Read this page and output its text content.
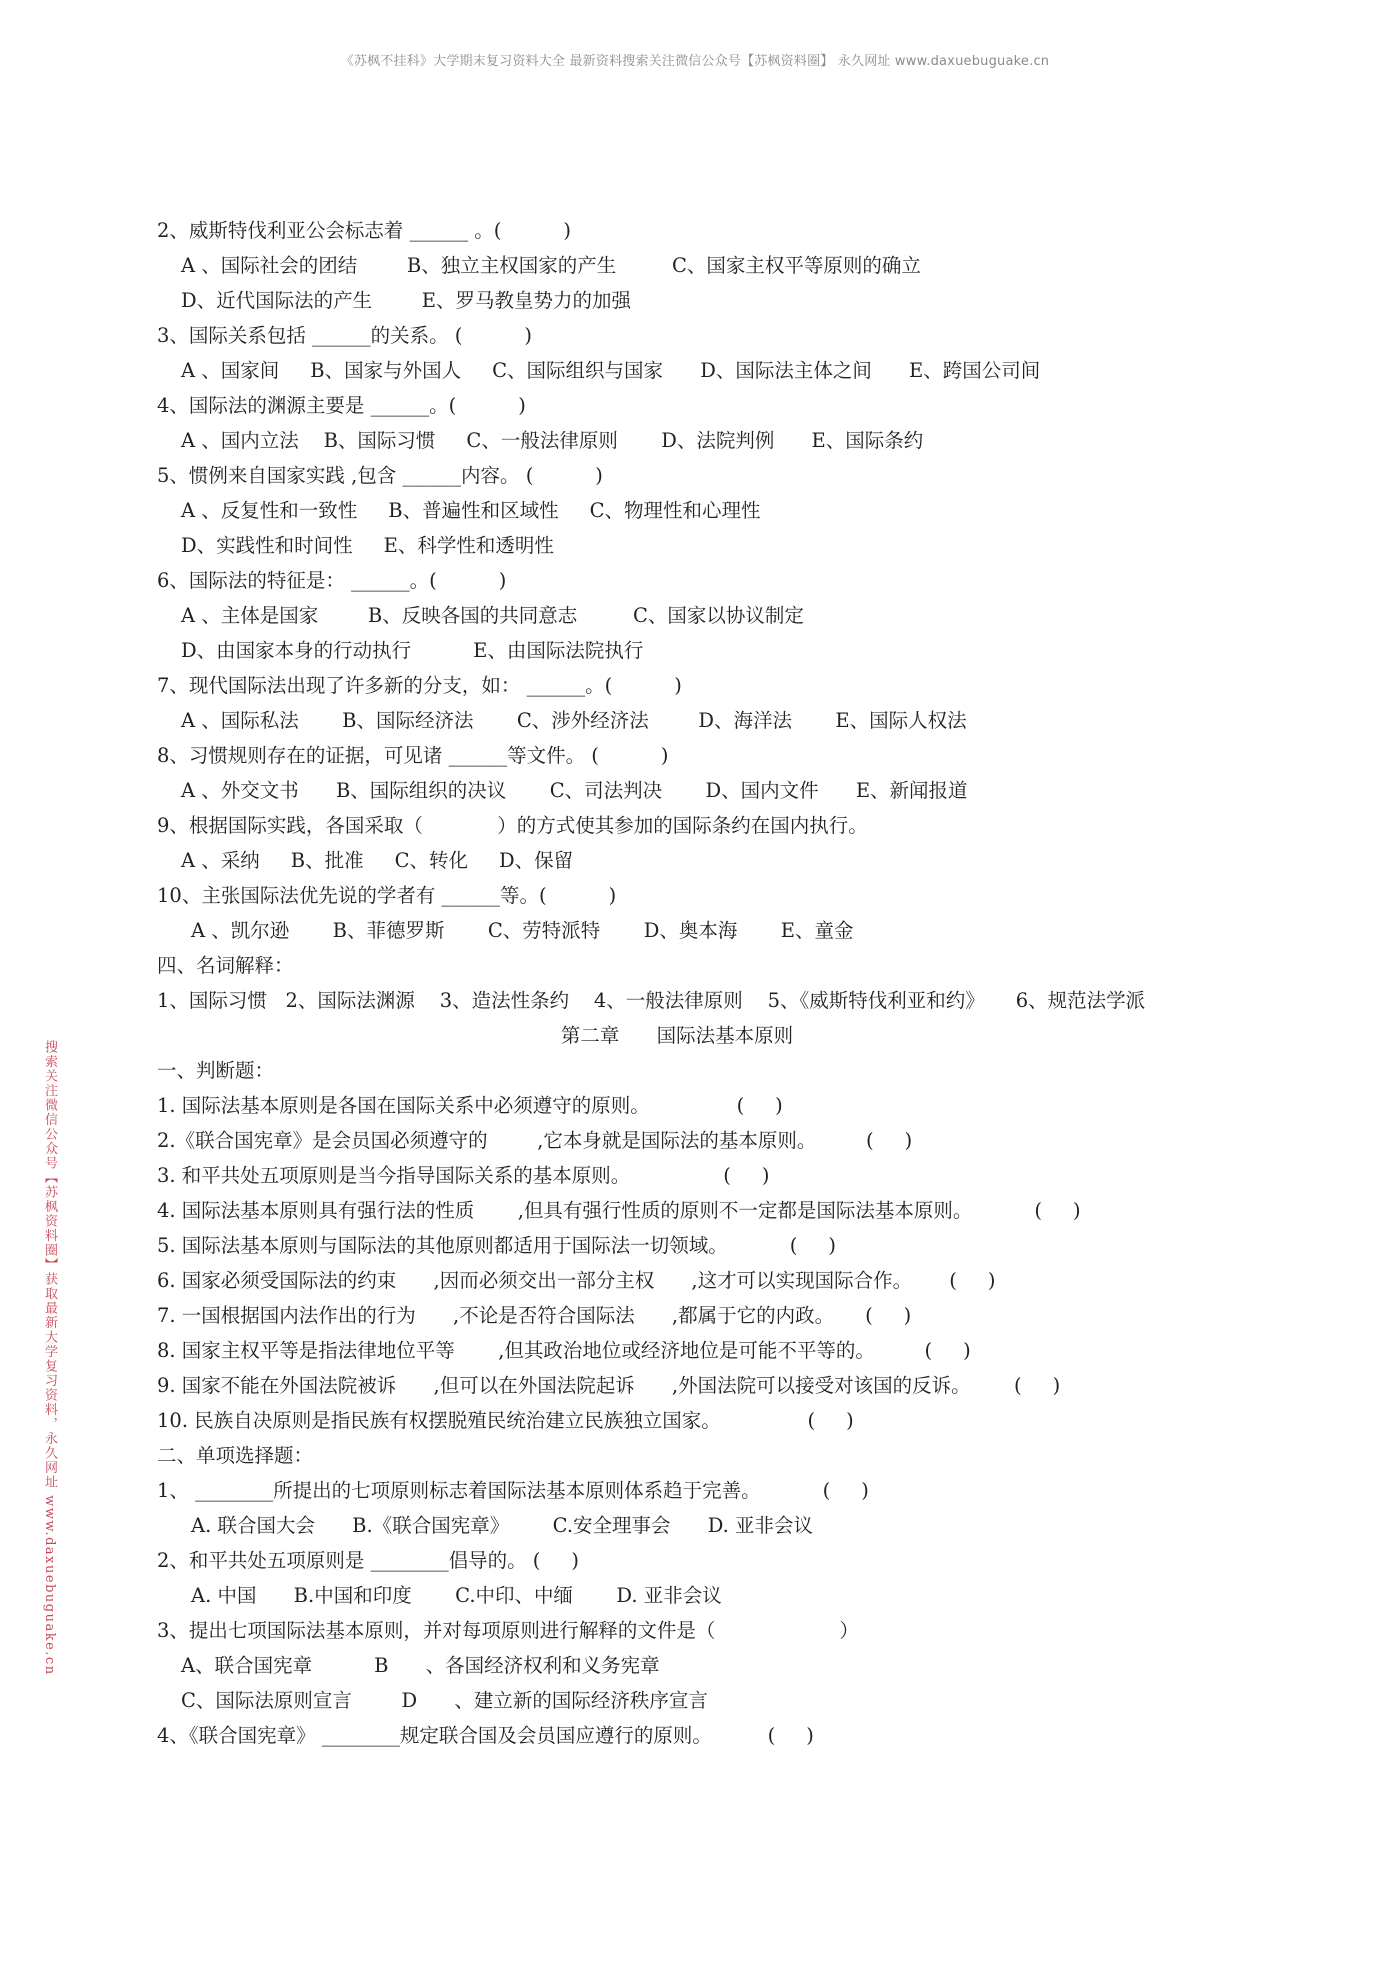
《苏枫不挂科》大学期末复习资料大全 最新资料搜索关注微信公众号【苏枫资料圈】 永久网址 www.daxuebuguake.cn
搜索关注微信公众号【苏枫资料圈】获取最新大学复习资料，永久网址 www.daxuebuguake.cn
2、威斯特伐利亚公会标志着 ______ 。(          )
A 、国际社会的团结        B、独立主权国家的产生         C、国家主权平等原则的确立
D、近代国际法的产生        E、罗马教皇势力的加强
3、国际关系包括 ______的关系。 (          )
A 、国家间     B、国家与外国人     C、国际组织与国家      D、国际法主体之间      E、跨国公司间
4、国际法的渊源主要是 ______。(          )
A 、国内立法    B、国际习惯     C、一般法律原则       D、法院判例      E、国际条约
5、惯例来自国家实践 ,包含 ______内容。 (          )
A 、反复性和一致性     B、普遍性和区域性     C、物理性和心理性
D、实践性和时间性     E、科学性和透明性
6、国际法的特征是： ______。(          )
A 、主体是国家        B、反映各国的共同意志         C、国家以协议制定
D、由国家本身的行动执行          E、由国际法院执行
7、现代国际法出现了许多新的分支，如： ______。(          )
A 、国际私法       B、国际经济法       C、涉外经济法        D、海洋法       E、国际人权法
8、习惯规则存在的证据，可见诸 ______等文件。 (          )
A 、外交文书      B、国际组织的决议       C、司法判决       D、国内文件      E、新闻报道
9、根据国际实践，各国采取（            ）的方式使其参加的国际条约在国内执行。
A 、采纳     B、批准     C、转化     D、保留
10、主张国际法优先说的学者有 ______等。(          )
A 、凯尔逊       B、菲德罗斯       C、劳特派特       D、奥本海       E、童金
四、名词解释：
1、国际习惯   2、国际法渊源    3、造法性条约    4、一般法律原则    5、《威斯特伐利亚和约》     6、规范法学派
第二章      国际法基本原则
一、判断题：
1. 国际法基本原则是各国在国际关系中必须遵守的原则。              (     )
2.《联合国宪章》是会员国必须遵守的        ,它本身就是国际法的基本原则。        (     )
3. 和平共处五项原则是当今指导国际关系的基本原则。               (     )
4. 国际法基本原则具有强行法的性质       ,但具有强行性质的原则不一定都是国际法基本原则。          (     )
5. 国际法基本原则与国际法的其他原则都适用于国际法一切领域。          (     )
6. 国家必须受国际法的约束      ,因而必须交出一部分主权      ,这才可以实现国际合作。      (     )
7. 一国根据国内法作出的行为      ,不论是否符合国际法      ,都属于它的内政。     (     )
8. 国家主权平等是指法律地位平等       ,但其政治地位或经济地位是可能不平等的。        (     )
9. 国家不能在外国法院被诉      ,但可以在外国法院起诉      ,外国法院可以接受对该国的反诉。       (     )
10. 民族自决原则是指民族有权摆脱殖民统治建立民族独立国家。              (     )
二、单项选择题：
1、 ________所提出的七项原则标志着国际法基本原则体系趋于完善。          (     )
A. 联合国大会      B.《联合国宪章》       C.安全理事会      D. 亚非会议
2、和平共处五项原则是 ________倡导的。 (     )
A. 中国      B.中国和印度       C.中印、中缅       D. 亚非会议
3、提出七项国际法基本原则，并对每项原则进行解释的文件是（                    ）
A、联合国宪章          B      、各国经济权利和义务宪章
C、国际法原则宣言        D      、建立新的国际经济秩序宣言
4、《联合国宪章》 ________规定联合国及会员国应遵行的原则。         (     )
